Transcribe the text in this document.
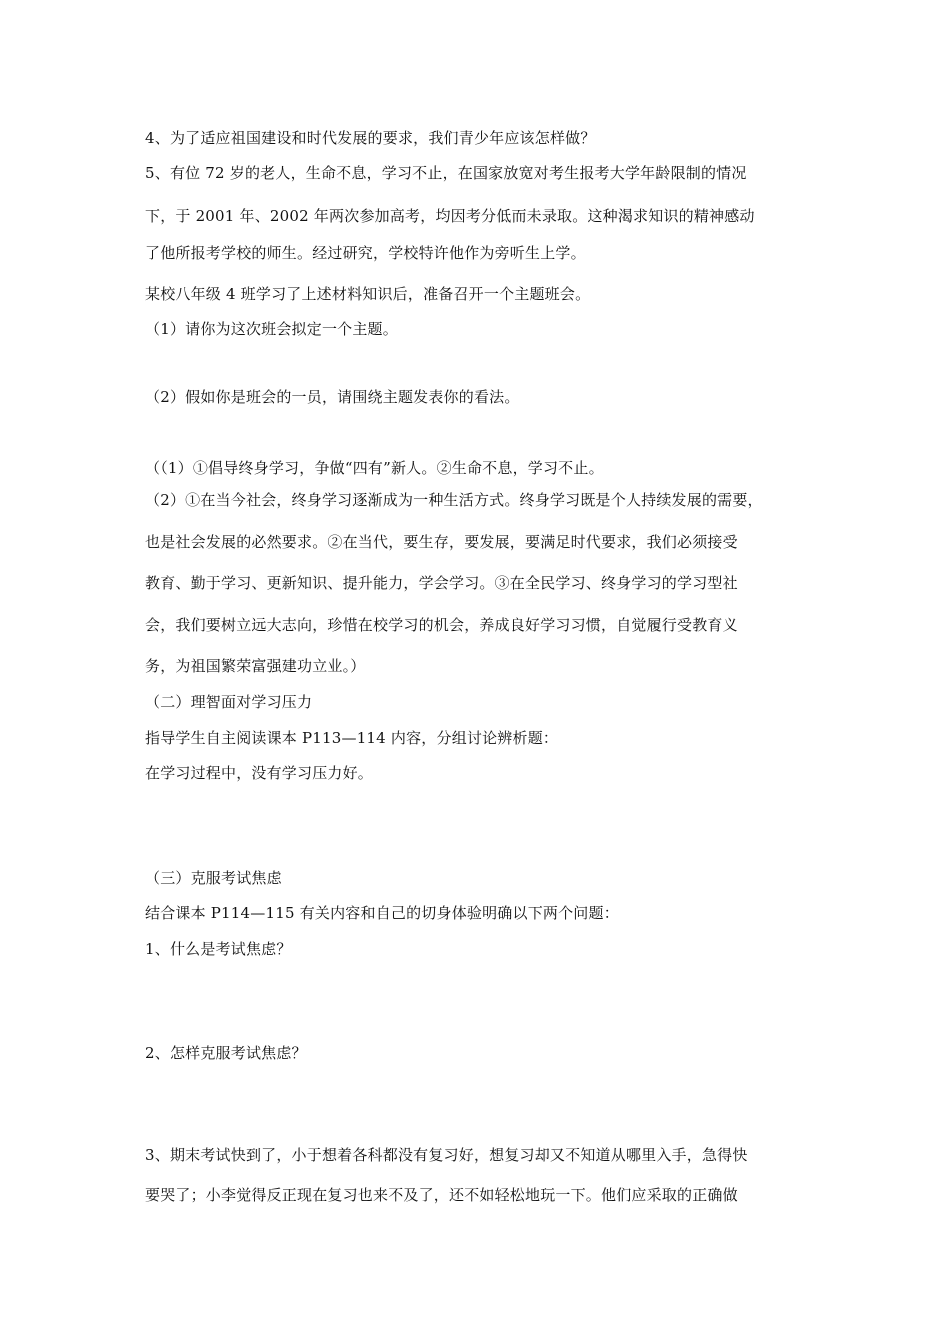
4、为了适应祖国建设和时代发展的要求，我们青少年应该怎样做？
5、有位 72 岁的老人，生命不息，学习不止，在国家放宽对考生报考大学年龄限制的情况
下，于 2001 年、2002 年两次参加高考，均因考分低而未录取。这种渴求知识的精神感动
了他所报考学校的师生。经过研究，学校特许他作为旁听生上学。
某校八年级 4 班学习了上述材料知识后，准备召开一个主题班会。
（1）请你为这次班会拟定一个主题。
（2）假如你是班会的一员，请围绕主题发表你的看法。
（（1）①倡导终身学习，争做“四有”新人。②生命不息，学习不止。
（2）①在当今社会，终身学习逐渐成为一种生活方式。终身学习既是个人持续发展的需要，
也是社会发展的必然要求。②在当代，要生存，要发展，要满足时代要求，我们必须接受
教育、勤于学习、更新知识、提升能力，学会学习。③在全民学习、终身学习的学习型社
会，我们要树立远大志向，珍惜在校学习的机会，养成良好学习习惯，自觉履行受教育义
务，为祖国繁荣富强建功立业。）
（二）理智面对学习压力
指导学生自主阅读课本 P113—114 内容，分组讨论辨析题：
在学习过程中，没有学习压力好。
（三）克服考试焦虑
结合课本 P114—115 有关内容和自己的切身体验明确以下两个问题：
1、什么是考试焦虑？
2、怎样克服考试焦虑？
3、期末考试快到了，小于想着各科都没有复习好，想复习却又不知道从哪里入手，急得快
要哭了；小李觉得反正现在复习也来不及了，还不如轻松地玩一下。他们应采取的正确做
